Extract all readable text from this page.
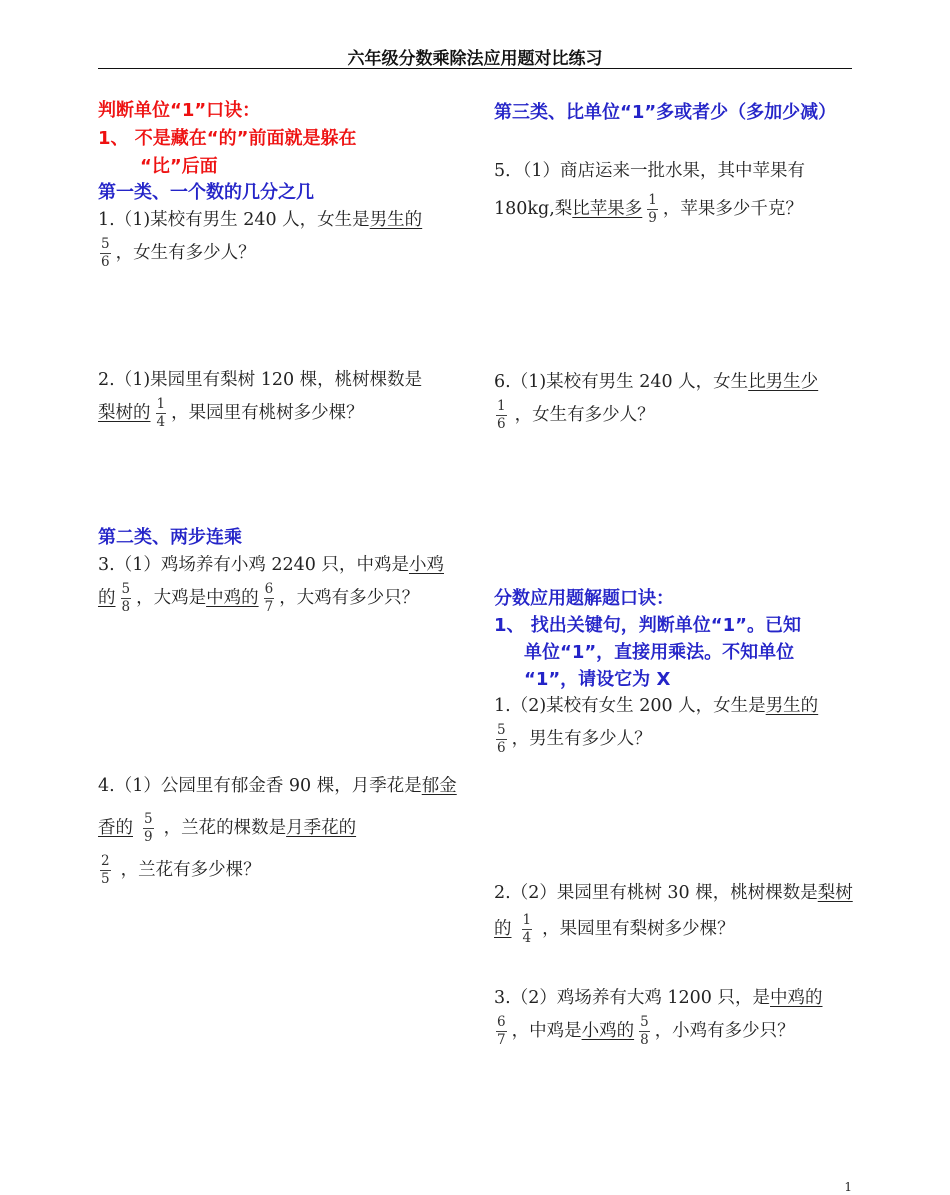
六年级分数乘除法应用题对比练习
判断单位“1”口诀：
1、 不是藏在“的”前面就是躲在
“比”后面
第一类、一个数的几分之几
1.（1)某校有男生 240 人，女生是男生的

$\frac{5}{6}$ ，女生有多少人？
2.（1)果园里有梨树 120 棵，桃树棵数是
梨树的 $\frac{1}{4}$ ，果园里有桃树多少棵？
第二类、两步连乘
3.（1）鸡场养有小鸡 2240 只，中鸡是小鸡的 $\frac{5}{8}$ ，大鸡是中鸡的 $\frac{6}{7}$ ，大鸡有多少只？
4.（1）公园里有郁金香 90 棵，月季花是郁金香的 $\frac{5}{9}$ ，兰花的棵数是月季花的

$\frac{2}{5}$ ，兰花有多少棵？
第三类、比单位“1”多或者少（多加少减）
5．（1）商店运来一批水果，其中苹果有180kg,梨比苹果多 $\frac{1}{9}$ ，苹果多少千克？
6.（1)某校有男生 240 人，女生比男生少

$\frac{1}{6}$ ，女生有多少人？
分数应用题解题口诀：
1、 找出关键句，判断单位“1”。已知
单位“1”，直接用乘法。不知单位
“1”，请设它为 X
1.（2)某校有女生 200 人，女生是男生的

$\frac{5}{6}$ ，男生有多少人？
2.（2）果园里有桃树 30 棵，桃树棵数是梨树的 $\frac{1}{4}$ ，果园里有梨树多少棵？
3.（2）鸡场养有大鸡 1200 只，是中鸡的

$\frac{6}{7}$ ，中鸡是小鸡的 $\frac{5}{8}$ ，小鸡有多少只？
1
